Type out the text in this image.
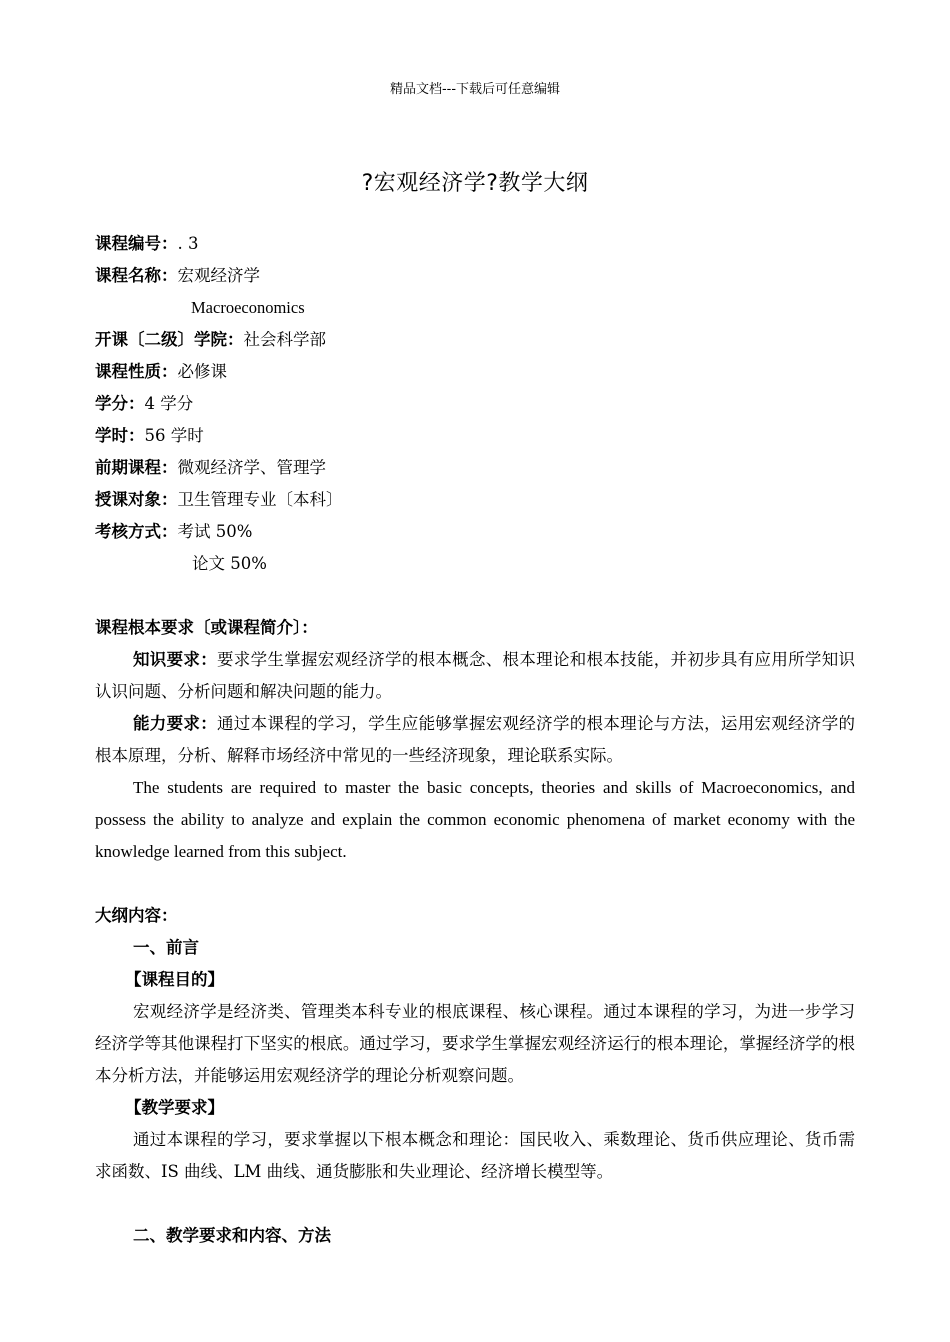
精品文档---下载后可任意编辑
?宏观经济学?教学大纲
课程编号： . 3
课程名称： 宏观经济学
Macroeconomics
开课〔二级〕学院： 社会科学部
课程性质： 必修课
学分： 4 学分
学时： 56 学时
前期课程： 微观经济学、管理学
授课对象： 卫生管理专业〔本科〕
考核方式： 考试 50%
论文 50%
课程根本要求〔或课程简介〕：
知识要求：要求学生掌握宏观经济学的根本概念、根本理论和根本技能，并初步具有应用所学知识认识问题、分析问题和解决问题的能力。
能力要求：通过本课程的学习，学生应能够掌握宏观经济学的根本理论与方法，运用宏观经济学的根本原理，分析、解释市场经济中常见的一些经济现象，理论联系实际。
The students are required to master the basic concepts, theories and skills of Macroeconomics, and possess the ability to analyze and explain the common economic phenomena of market economy with the knowledge learned from this subject.
大纲内容：
一、前言
【课程目的】
宏观经济学是经济类、管理类本科专业的根底课程、核心课程。通过本课程的学习，为进一步学习经济学等其他课程打下坚实的根底。通过学习，要求学生掌握宏观经济运行的根本理论，掌握经济学的根本分析方法，并能够运用宏观经济学的理论分析观察问题。
【教学要求】
通过本课程的学习，要求掌握以下根本概念和理论：国民收入、乘数理论、货币供应理论、货币需求函数、IS 曲线、LM 曲线、通货膨胀和失业理论、经济增长模型等。
二、教学要求和内容、方法
